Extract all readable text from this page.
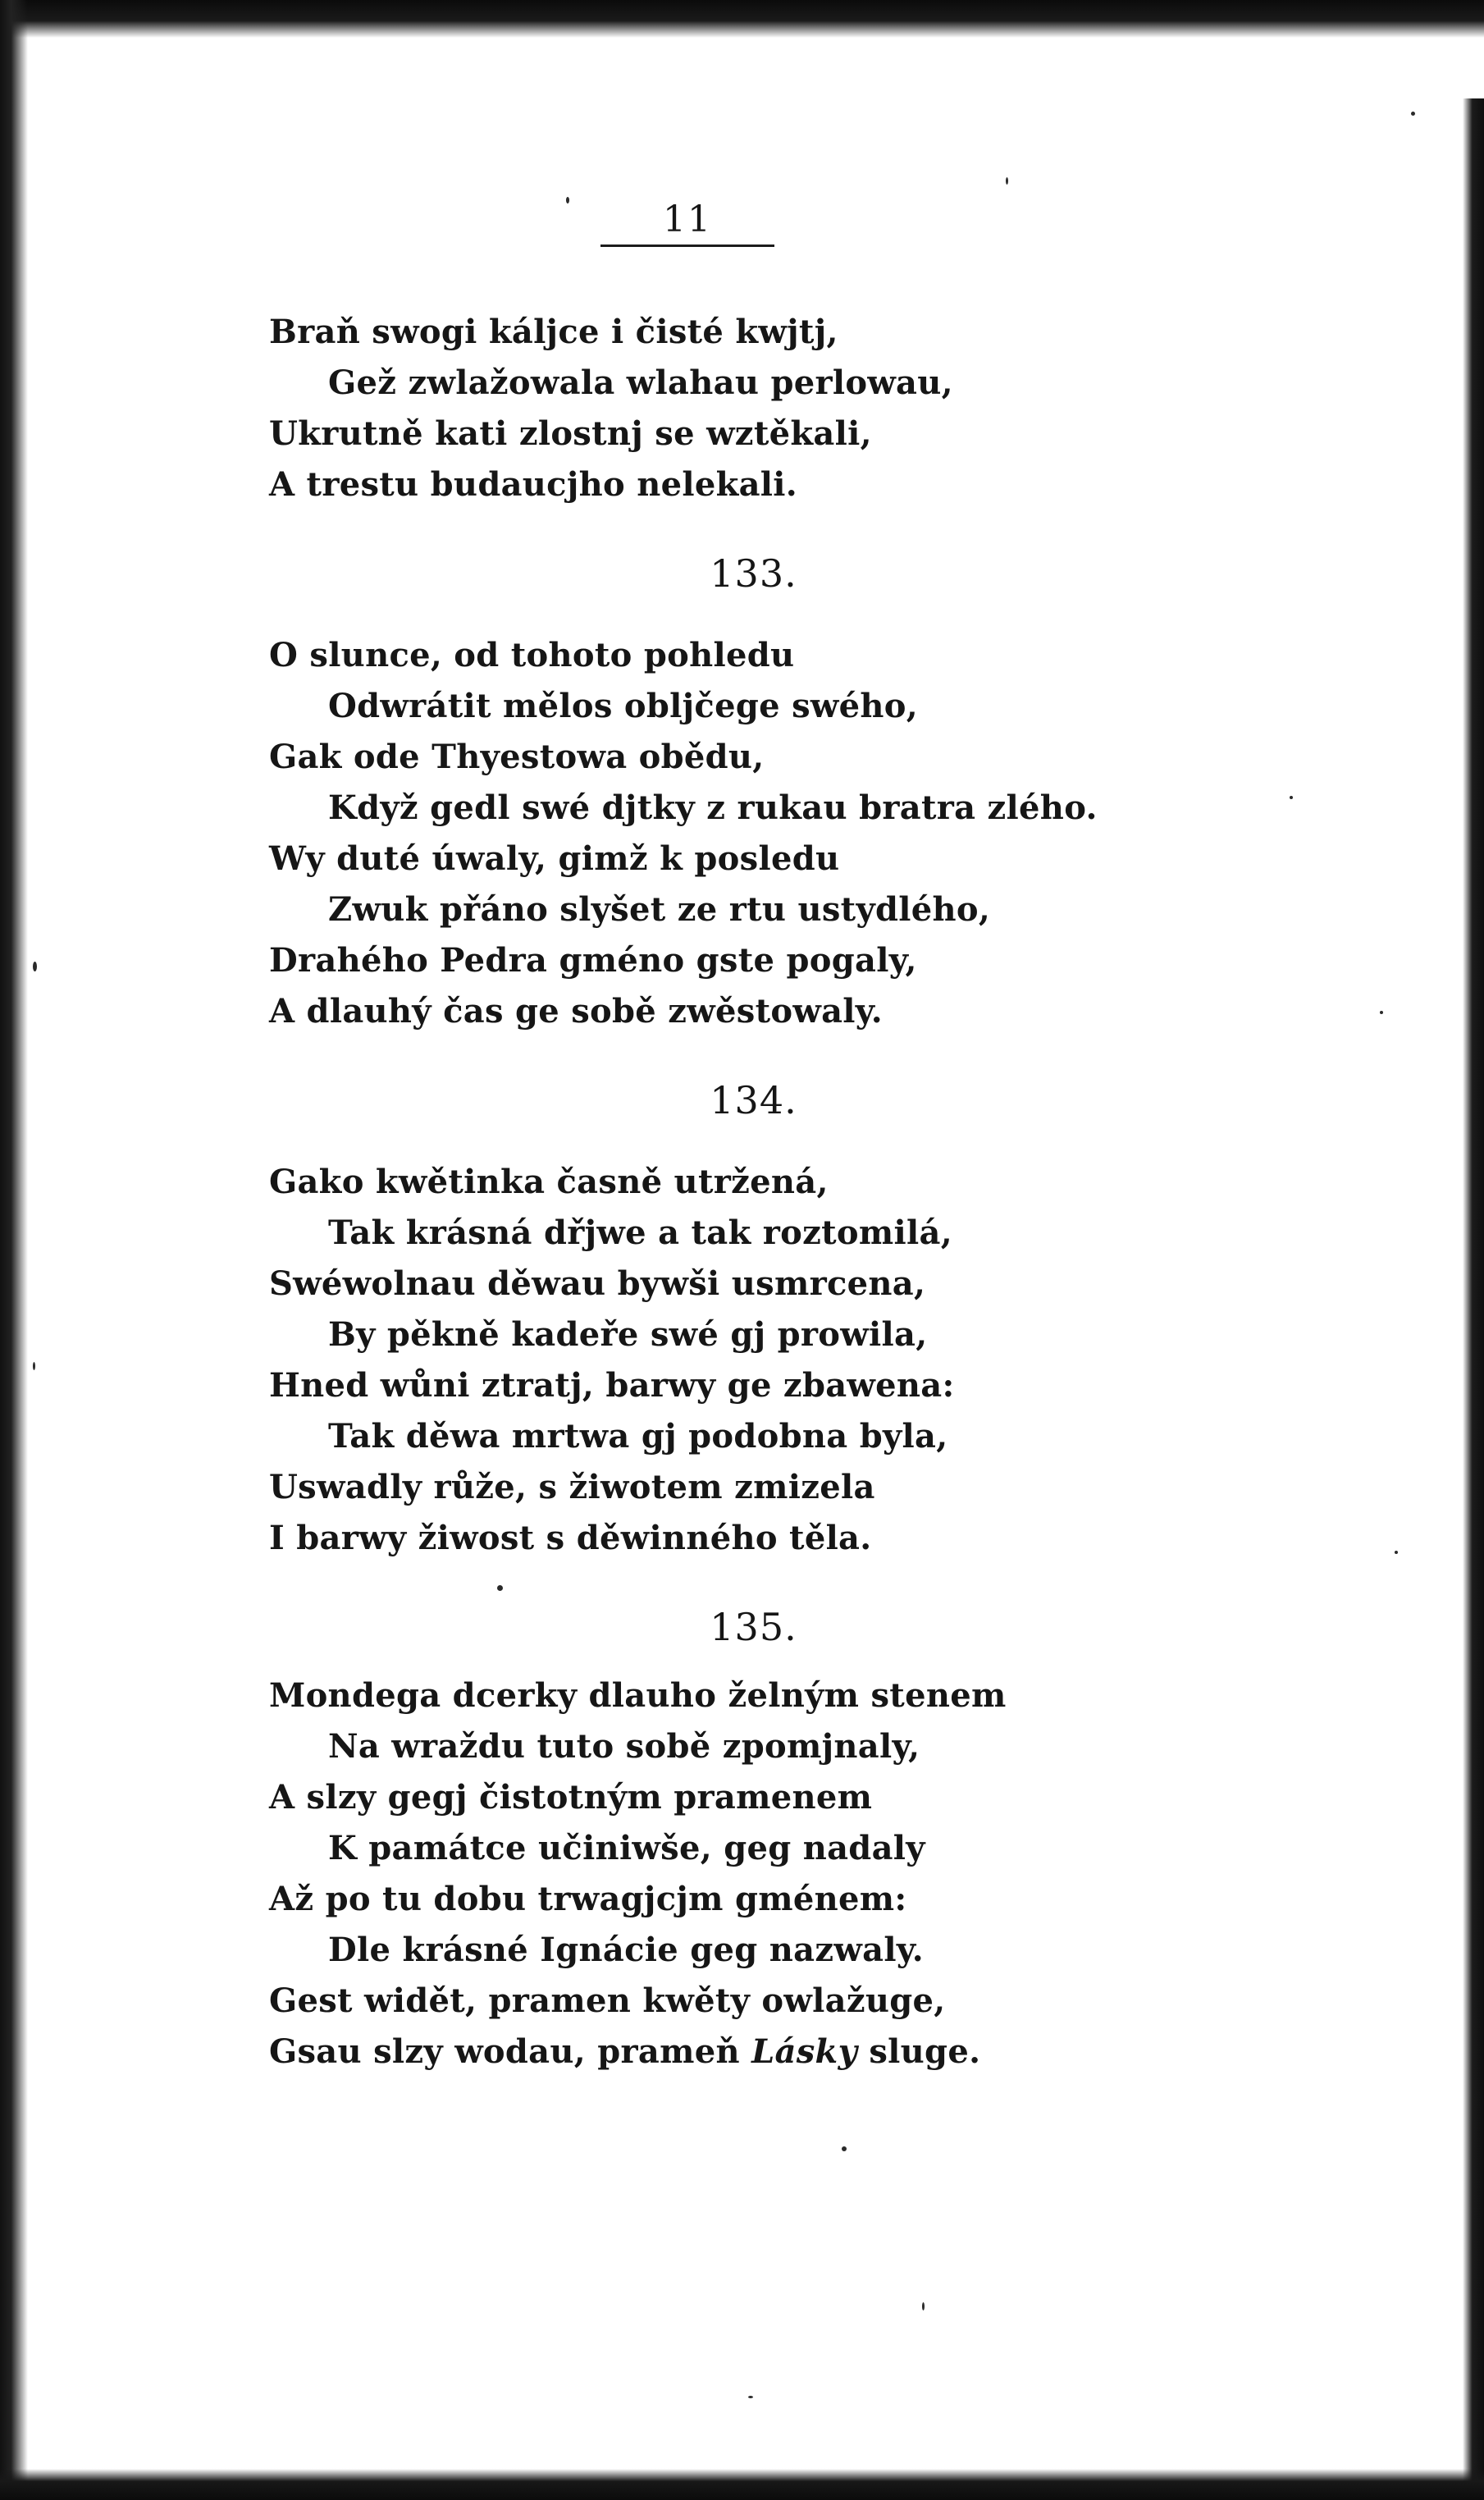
11
Braň swogi káljce i čisté kwjtj,
Gež zwlažowala wlahau perlowau,
Ukrutně kati zlostnj se wztěkali,
A trestu budaucjho nelekali.
133.
O slunce, od tohoto pohledu
Odwrátit mělos obljčege swého,
Gak ode Thyestowa obědu,
Když gedl swé djtky z rukau bratra zlého.
Wy duté úwaly, gimž k posledu
Zwuk přáno slyšet ze rtu ustydlého,
Drahého Pedra gméno gste pogaly,
A dlauhý čas ge sobě zwěstowaly.
134.
Gako kwětinka časně utržená,
Tak krásná dřjwe a tak roztomilá,
Swéwolnau děwau bywši usmrcena,
By pěkně kadeře swé gj prowila,
Hned wůni ztratj, barwy ge zbawena:
Tak děwa mrtwa gj podobna byla,
Uswadly růže, s žiwotem zmizela
I barwy žiwost s děwinného těla.
135.
Mondega dcerky dlauho želným stenem
Na wraždu tuto sobě zpomjnaly,
A slzy gegj čistotným pramenem
K památce učiniwše, geg nadaly
Až po tu dobu trwagjcjm gménem:
Dle krásné Ignácie geg nazwaly.
Gest widět, pramen kwěty owlažuge,
Gsau slzy wodau, prameň Lásky sluge.
